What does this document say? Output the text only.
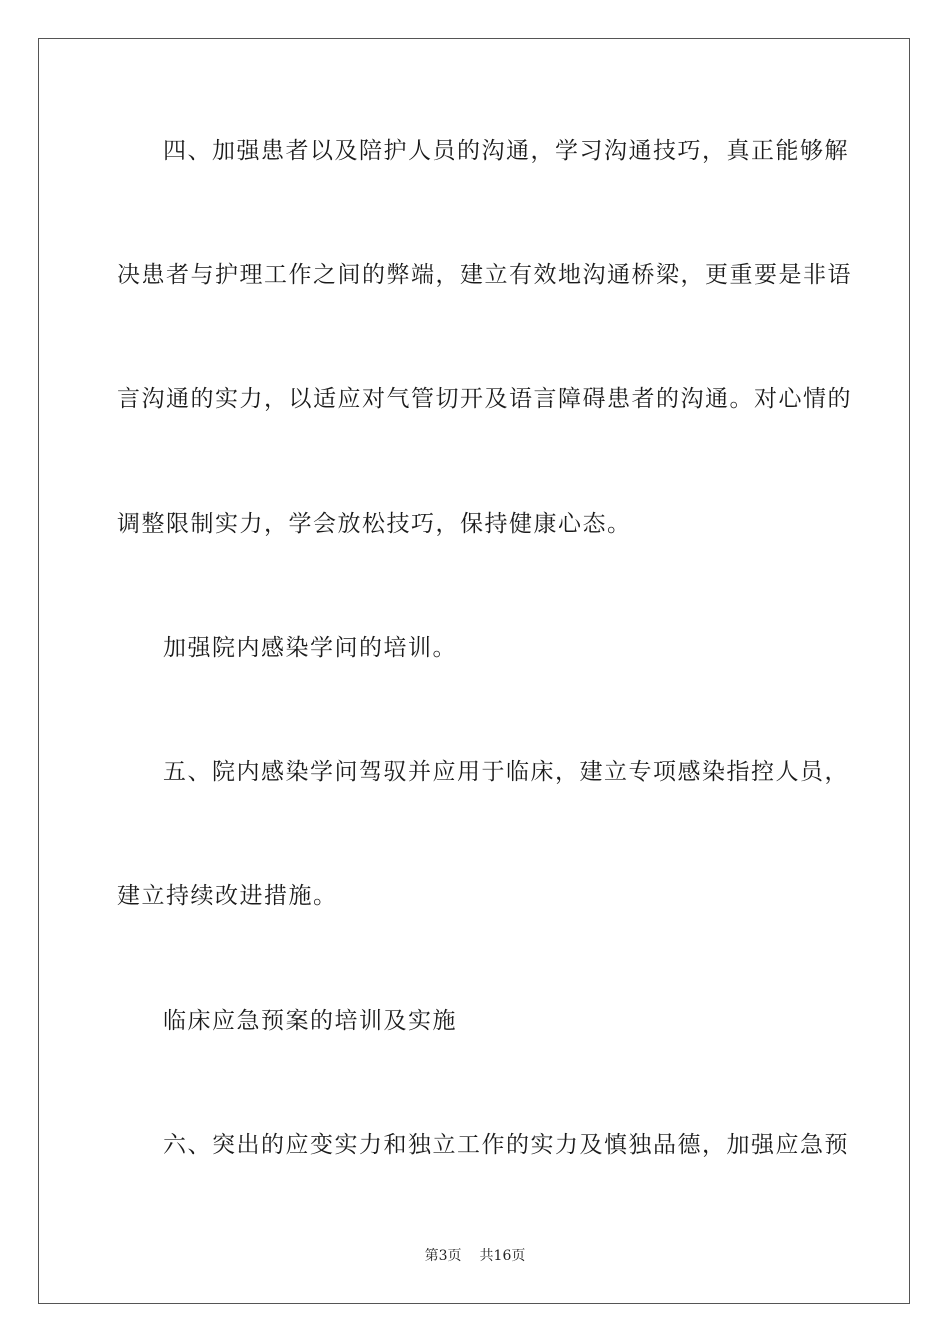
四、加强患者以及陪护人员的沟通，学习沟通技巧，真正能够解
决患者与护理工作之间的弊端，建立有效地沟通桥梁，更重要是非语
言沟通的实力，以适应对气管切开及语言障碍患者的沟通。对心情的
调整限制实力，学会放松技巧，保持健康心态。
加强院内感染学问的培训。
五、院内感染学问驾驭并应用于临床，建立专项感染指控人员，
建立持续改进措施。
临床应急预案的培训及实施
六、突出的应变实力和独立工作的实力及慎独品德，加强应急预
第3页 共16页
